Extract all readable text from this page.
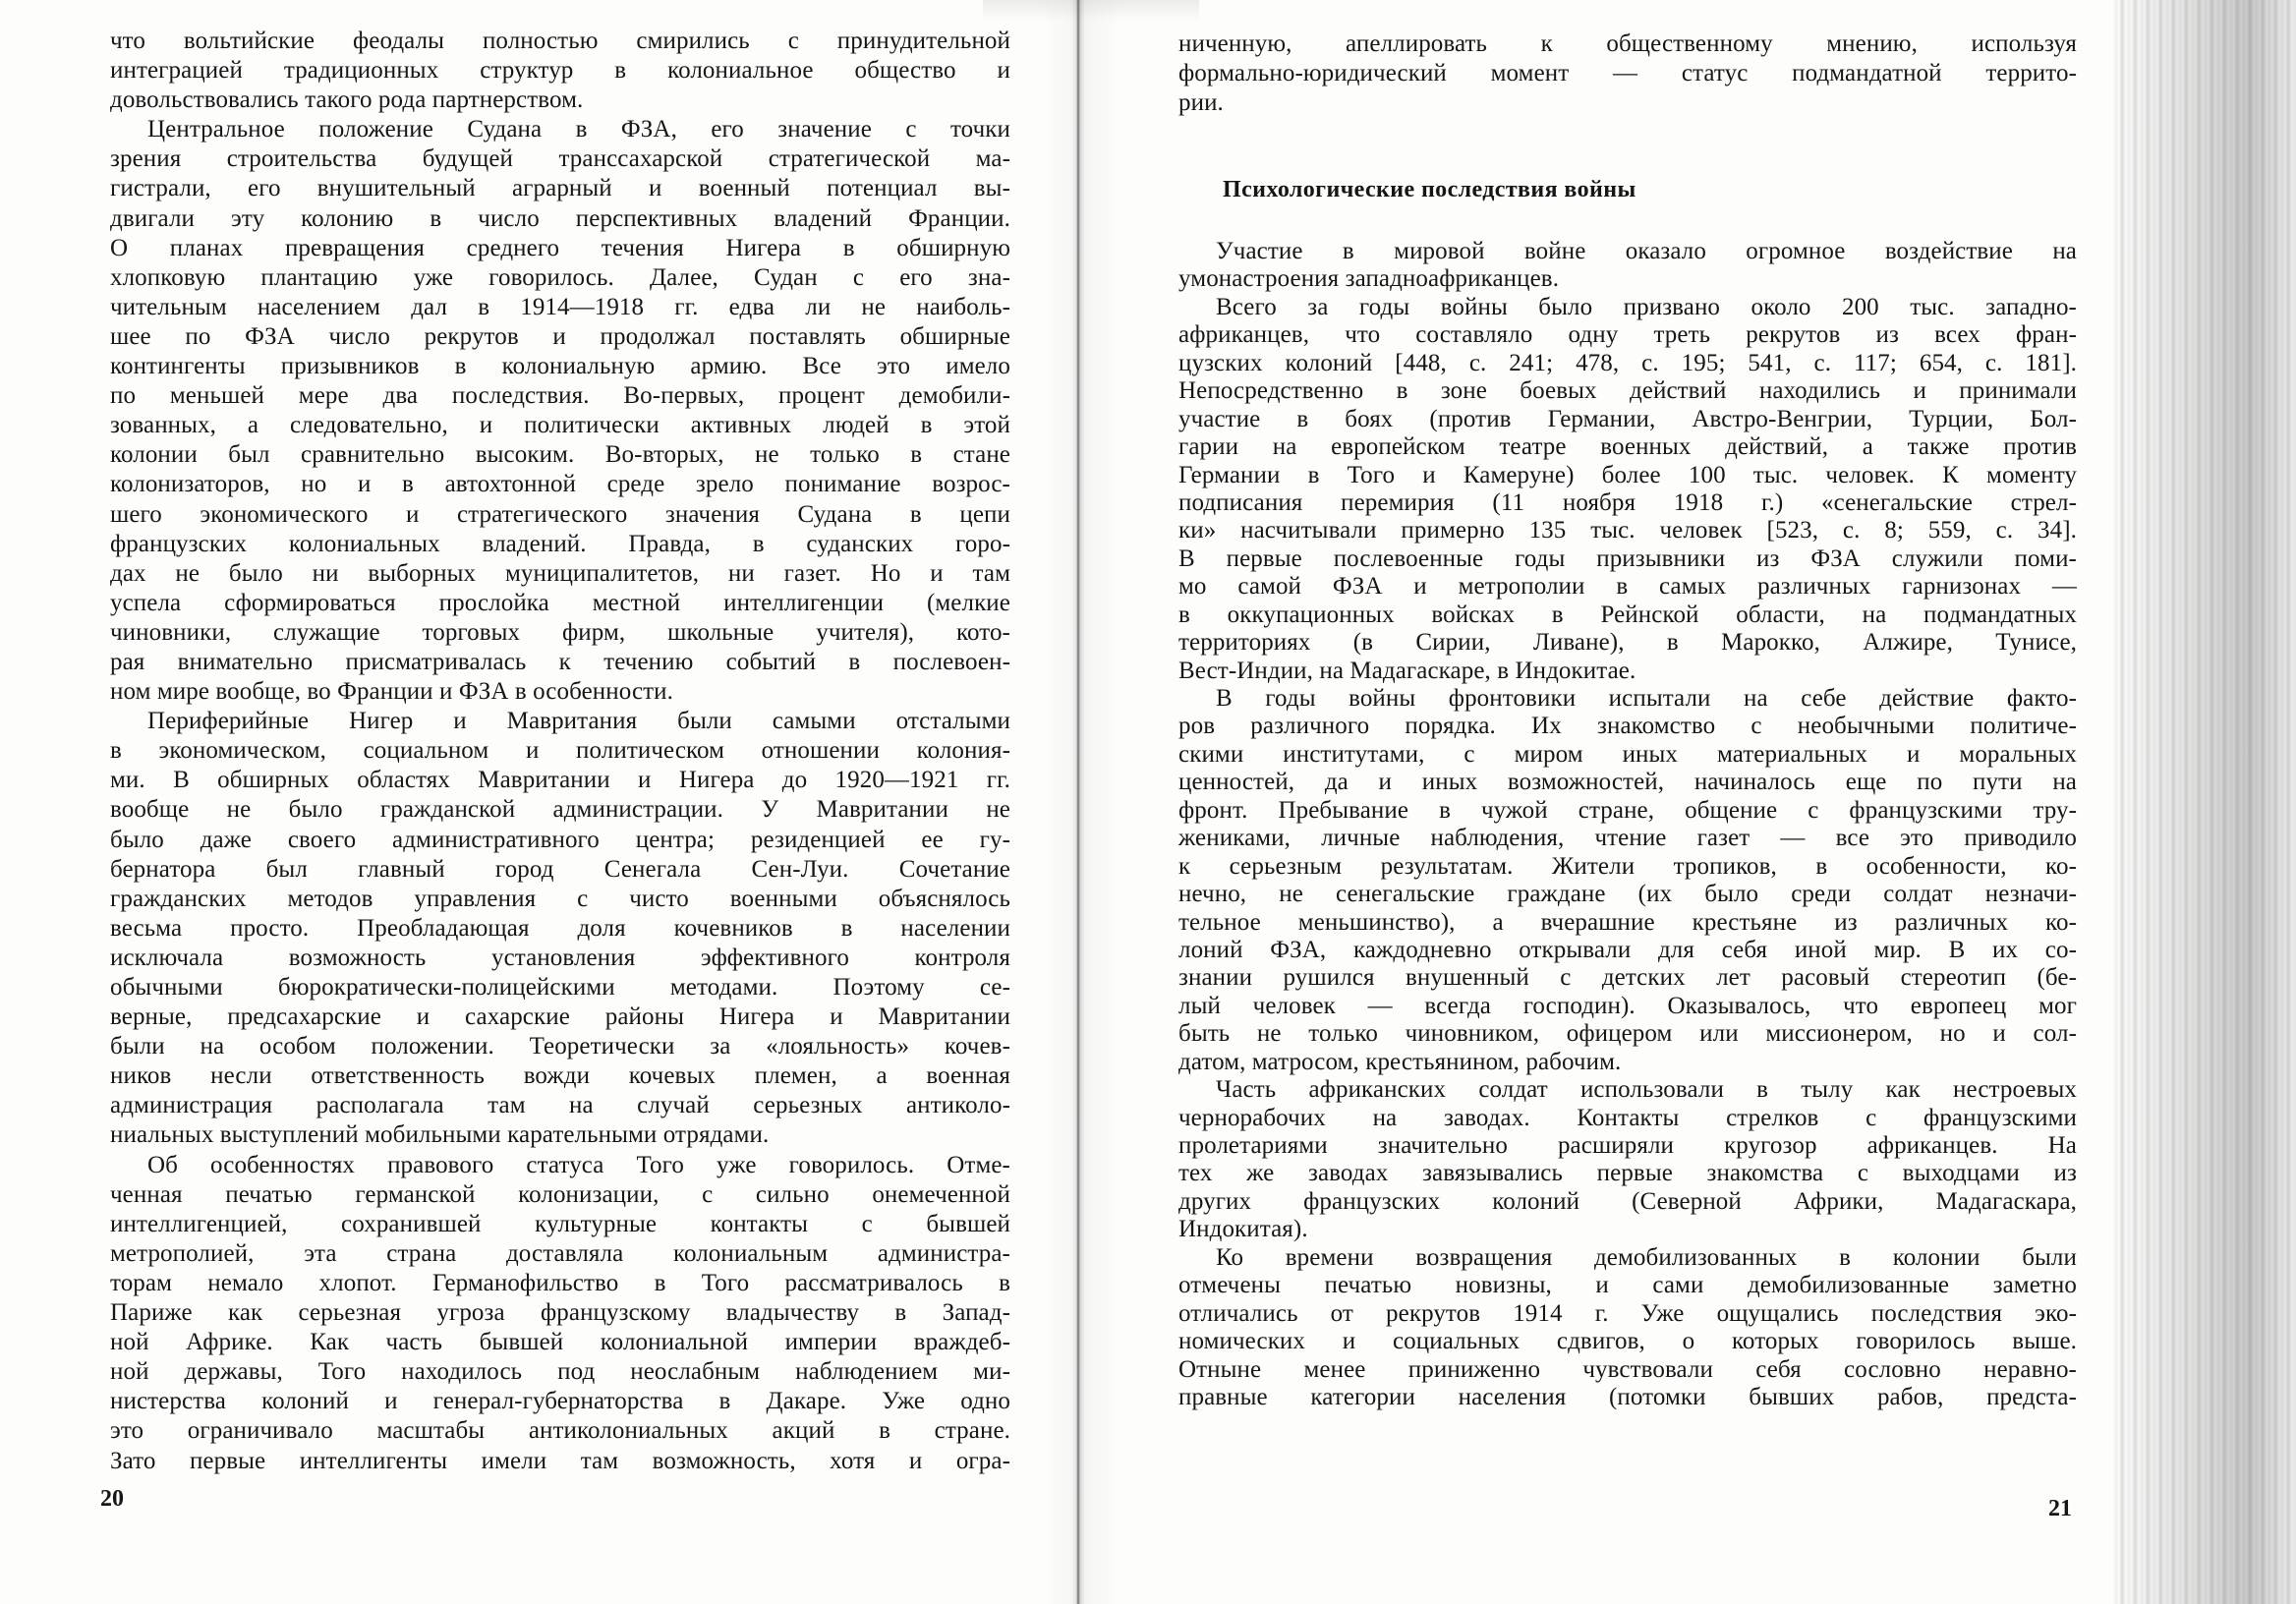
что вольтийские феодалы полностью смирились с принудительной
интеграцией традиционных структур в колониальное общество и
довольствовались такого рода партнерством.
Центральное положение Судана в ФЗА, его значение с точки
зрения строительства будущей транссахарской стратегической ма-
гистрали, его внушительный аграрный и военный потенциал вы-
двигали эту колонию в число перспективных владений Франции.
О планах превращения среднего течения Нигера в обширную
хлопковую плантацию уже говорилось. Далее, Судан с его зна-
чительным населением дал в 1914—1918 гг. едва ли не наиболь-
шее по ФЗА число рекрутов и продолжал поставлять обширные
контингенты призывников в колониальную армию. Все это имело
по меньшей мере два последствия. Во-первых, процент демобили-
зованных, а следовательно, и политически активных людей в этой
колонии был сравнительно высоким. Во-вторых, не только в стане
колонизаторов, но и в автохтонной среде зрело понимание возрос-
шего экономического и стратегического значения Судана в цепи
французских колониальных владений. Правда, в суданских горо-
дах не было ни выборных муниципалитетов, ни газет. Но и там
успела сформироваться прослойка местной интеллигенции (мелкие
чиновники, служащие торговых фирм, школьные учителя), кото-
рая внимательно присматривалась к течению событий в послевоен-
ном мире вообще, во Франции и ФЗА в особенности.
Периферийные Нигер и Мавритания были самыми отсталыми
в экономическом, социальном и политическом отношении колония-
ми. В обширных областях Мавритании и Нигера до 1920—1921 гг.
вообще не было гражданской администрации. У Мавритании не
было даже своего административного центра; резиденцией ее гу-
бернатора был главный город Сенегала Сен-Луи. Сочетание
гражданских методов управления с чисто военными объяснялось
весьма просто. Преобладающая доля кочевников в населении
исключала возможность установления эффективного контроля
обычными бюрократически-полицейскими методами. Поэтому се-
верные, предсахарские и сахарские районы Нигера и Мавритании
были на особом положении. Теоретически за «лояльность» кочев-
ников несли ответственность вожди кочевых племен, а военная
администрация располагала там на случай серьезных антиколо-
ниальных выступлений мобильными карательными отрядами.
Об особенностях правового статуса Того уже говорилось. Отме-
ченная печатью германской колонизации, с сильно онемеченной
интеллигенцией, сохранившей культурные контакты с бывшей
метрополией, эта страна доставляла колониальным администра-
торам немало хлопот. Германофильство в Того рассматривалось в
Париже как серьезная угроза французскому владычеству в Запад-
ной Африке. Как часть бывшей колониальной империи враждеб-
ной державы, Того находилось под неослабным наблюдением ми-
нистерства колоний и генерал-губернаторства в Дакаре. Уже одно
это ограничивало масштабы антиколониальных акций в стране.
Зато первые интеллигенты имели там возможность, хотя и огра-
20
ниченную, апеллировать к общественному мнению, используя
формально-юридический момент — статус подмандатной террито-
рии.
Психологические последствия войны
Участие в мировой войне оказало огромное воздействие на
умонастроения западноафриканцев.
Всего за годы войны было призвано около 200 тыс. западно-
африканцев, что составляло одну треть рекрутов из всех фран-
цузских колоний [448, с. 241; 478, с. 195; 541, с. 117; 654, с. 181].
Непосредственно в зоне боевых действий находились и принимали
участие в боях (против Германии, Австро-Венгрии, Турции, Бол-
гарии на европейском театре военных действий, а также против
Германии в Того и Камеруне) более 100 тыс. человек. К моменту
подписания перемирия (11 ноября 1918 г.) «сенегальские стрел-
ки» насчитывали примерно 135 тыс. человек [523, с. 8; 559, с. 34].
В первые послевоенные годы призывники из ФЗА служили поми-
мо самой ФЗА и метрополии в самых различных гарнизонах —
в оккупационных войсках в Рейнской области, на подмандатных
территориях (в Сирии, Ливане), в Марокко, Алжире, Тунисе,
Вест-Индии, на Мадагаскаре, в Индокитае.
В годы войны фронтовики испытали на себе действие факто-
ров различного порядка. Их знакомство с необычными политиче-
скими институтами, с миром иных материальных и моральных
ценностей, да и иных возможностей, начиналось еще по пути на
фронт. Пребывание в чужой стране, общение с французскими тру-
жениками, личные наблюдения, чтение газет — все это приводило
к серьезным результатам. Жители тропиков, в особенности, ко-
нечно, не сенегальские граждане (их было среди солдат незначи-
тельное меньшинство), а вчерашние крестьяне из различных ко-
лоний ФЗА, каждодневно открывали для себя иной мир. В их со-
знании рушился внушенный с детских лет расовый стереотип (бе-
лый человек — всегда господин). Оказывалось, что европеец мог
быть не только чиновником, офицером или миссионером, но и сол-
датом, матросом, крестьянином, рабочим.
Часть африканских солдат использовали в тылу как нестроевых
чернорабочих на заводах. Контакты стрелков с французскими
пролетариями значительно расширяли кругозор африканцев. На
тех же заводах завязывались первые знакомства с выходцами из
других французских колоний (Северной Африки, Мадагаскара,
Индокитая).
Ко времени возвращения демобилизованных в колонии были
отмечены печатью новизны, и сами демобилизованные заметно
отличались от рекрутов 1914 г. Уже ощущались последствия эко-
номических и социальных сдвигов, о которых говорилось выше.
Отныне менее приниженно чувствовали себя сословно неравно-
правные категории населения (потомки бывших рабов, предста-
21
